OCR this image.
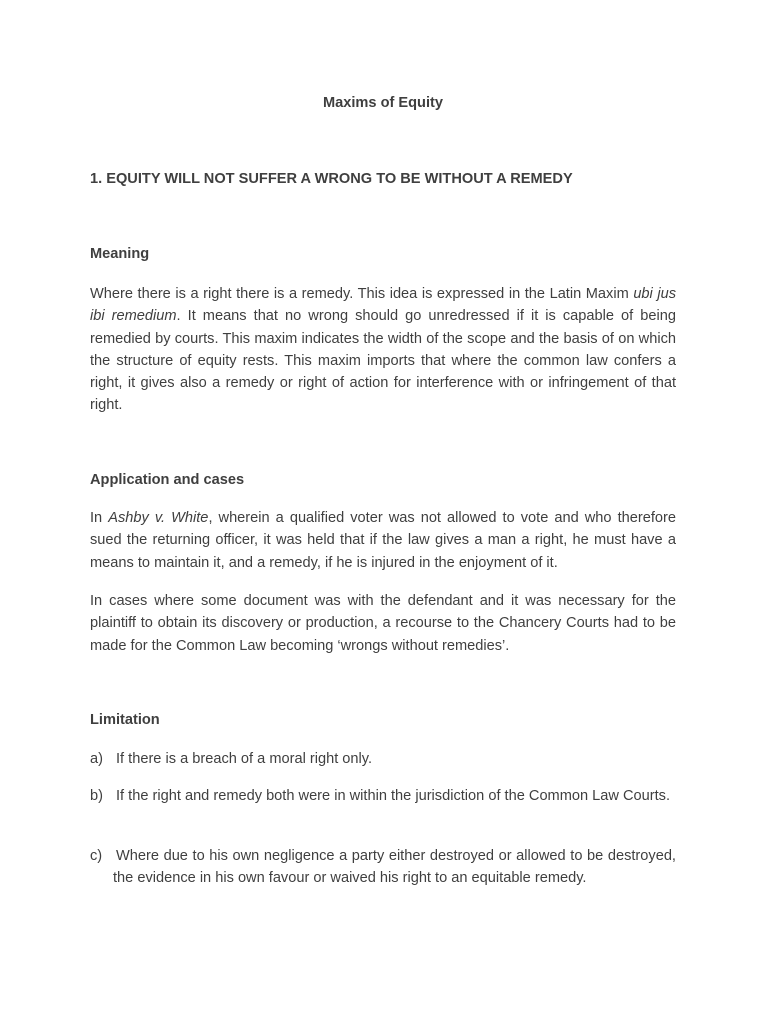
Maxims of Equity
1. EQUITY WILL NOT SUFFER A WRONG TO BE WITHOUT A REMEDY
Meaning

Where there is a right there is a remedy. This idea is expressed in the Latin Maxim ubi jus ibi remedium. It means that no wrong should go unredressed if it is capable of being remedied by courts. This maxim indicates the width of the scope and the basis of on which the structure of equity rests. This maxim imports that where the common law confers a right, it gives also a remedy or right of action for interference with or infringement of that right.

Application and cases

In Ashby v. White, wherein a qualified voter was not allowed to vote and who therefore sued the returning officer, it was held that if the law gives a man a right, he must have a means to maintain it, and a remedy, if he is injured in the enjoyment of it.

In cases where some document was with the defendant and it was necessary for the plaintiff to obtain its discovery or production, a recourse to the Chancery Courts had to be made for the Common Law becoming ‘wrongs without remedies’.

Limitation
a) If there is a breach of a moral right only.
b) If the right and remedy both were in within the jurisdiction of the Common Law Courts.
c) Where due to his own negligence a party either destroyed or allowed to be destroyed, the evidence in his own favour or waived his right to an equitable remedy.
